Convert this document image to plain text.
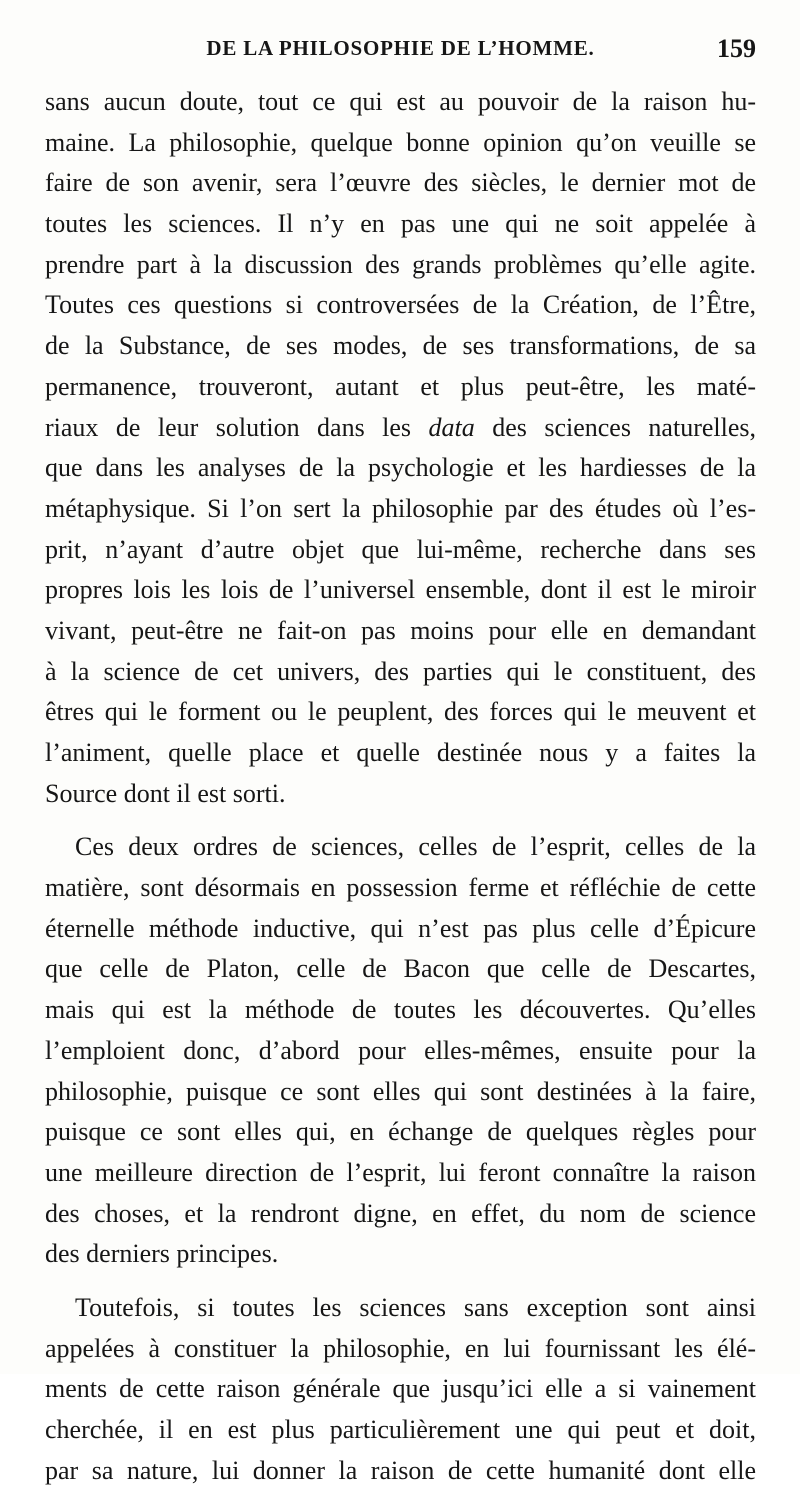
DE LA PHILOSOPHIE DE L’HOMME.	159
sans aucun doute, tout ce qui est au pouvoir de la raison hu-
maine. La philosophie, quelque bonne opinion qu’on veuille se
faire de son avenir, sera l’œuvre des siècles, le dernier mot de
toutes les sciences. Il n’y en pas une qui ne soit appelée à
prendre part à la discussion des grands problèmes qu’elle agite.
Toutes ces questions si controversées de la Création, de l’Être,
de la Substance, de ses modes, de ses transformations, de sa
permanence, trouveront, autant et plus peut-être, les maté-
riaux de leur solution dans les data des sciences naturelles,
que dans les analyses de la psychologie et les hardiesses de la
métaphysique. Si l’on sert la philosophie par des études où l’es-
prit, n’ayant d’autre objet que lui-même, recherche dans ses
propres lois les lois de l’universel ensemble, dont il est le miroir
vivant, peut-être ne fait-on pas moins pour elle en demandant
à la science de cet univers, des parties qui le constituent, des
êtres qui le forment ou le peuplent, des forces qui le meuvent et
l’animent, quelle place et quelle destinée nous y a faites la
Source dont il est sorti.
Ces deux ordres de sciences, celles de l’esprit, celles de la
matière, sont désormais en possession ferme et réfléchie de cette
éternelle méthode inductive, qui n’est pas plus celle d’Épicure
que celle de Platon, celle de Bacon que celle de Descartes,
mais qui est la méthode de toutes les découvertes. Qu’elles
l’emploient donc, d’abord pour elles-mêmes, ensuite pour la
philosophie, puisque ce sont elles qui sont destinées à la faire,
puisque ce sont elles qui, en échange de quelques règles pour
une meilleure direction de l’esprit, lui feront connaître la raison
des choses, et la rendront digne, en effet, du nom de science
des derniers principes.
Toutefois, si toutes les sciences sans exception sont ainsi
appelées à constituer la philosophie, en lui fournissant les élé-
ments de cette raison générale que jusqu’ici elle a si vainement
cherchée, il en est plus particulièrement une qui peut et doit,
par sa nature, lui donner la raison de cette humanité dont elle
